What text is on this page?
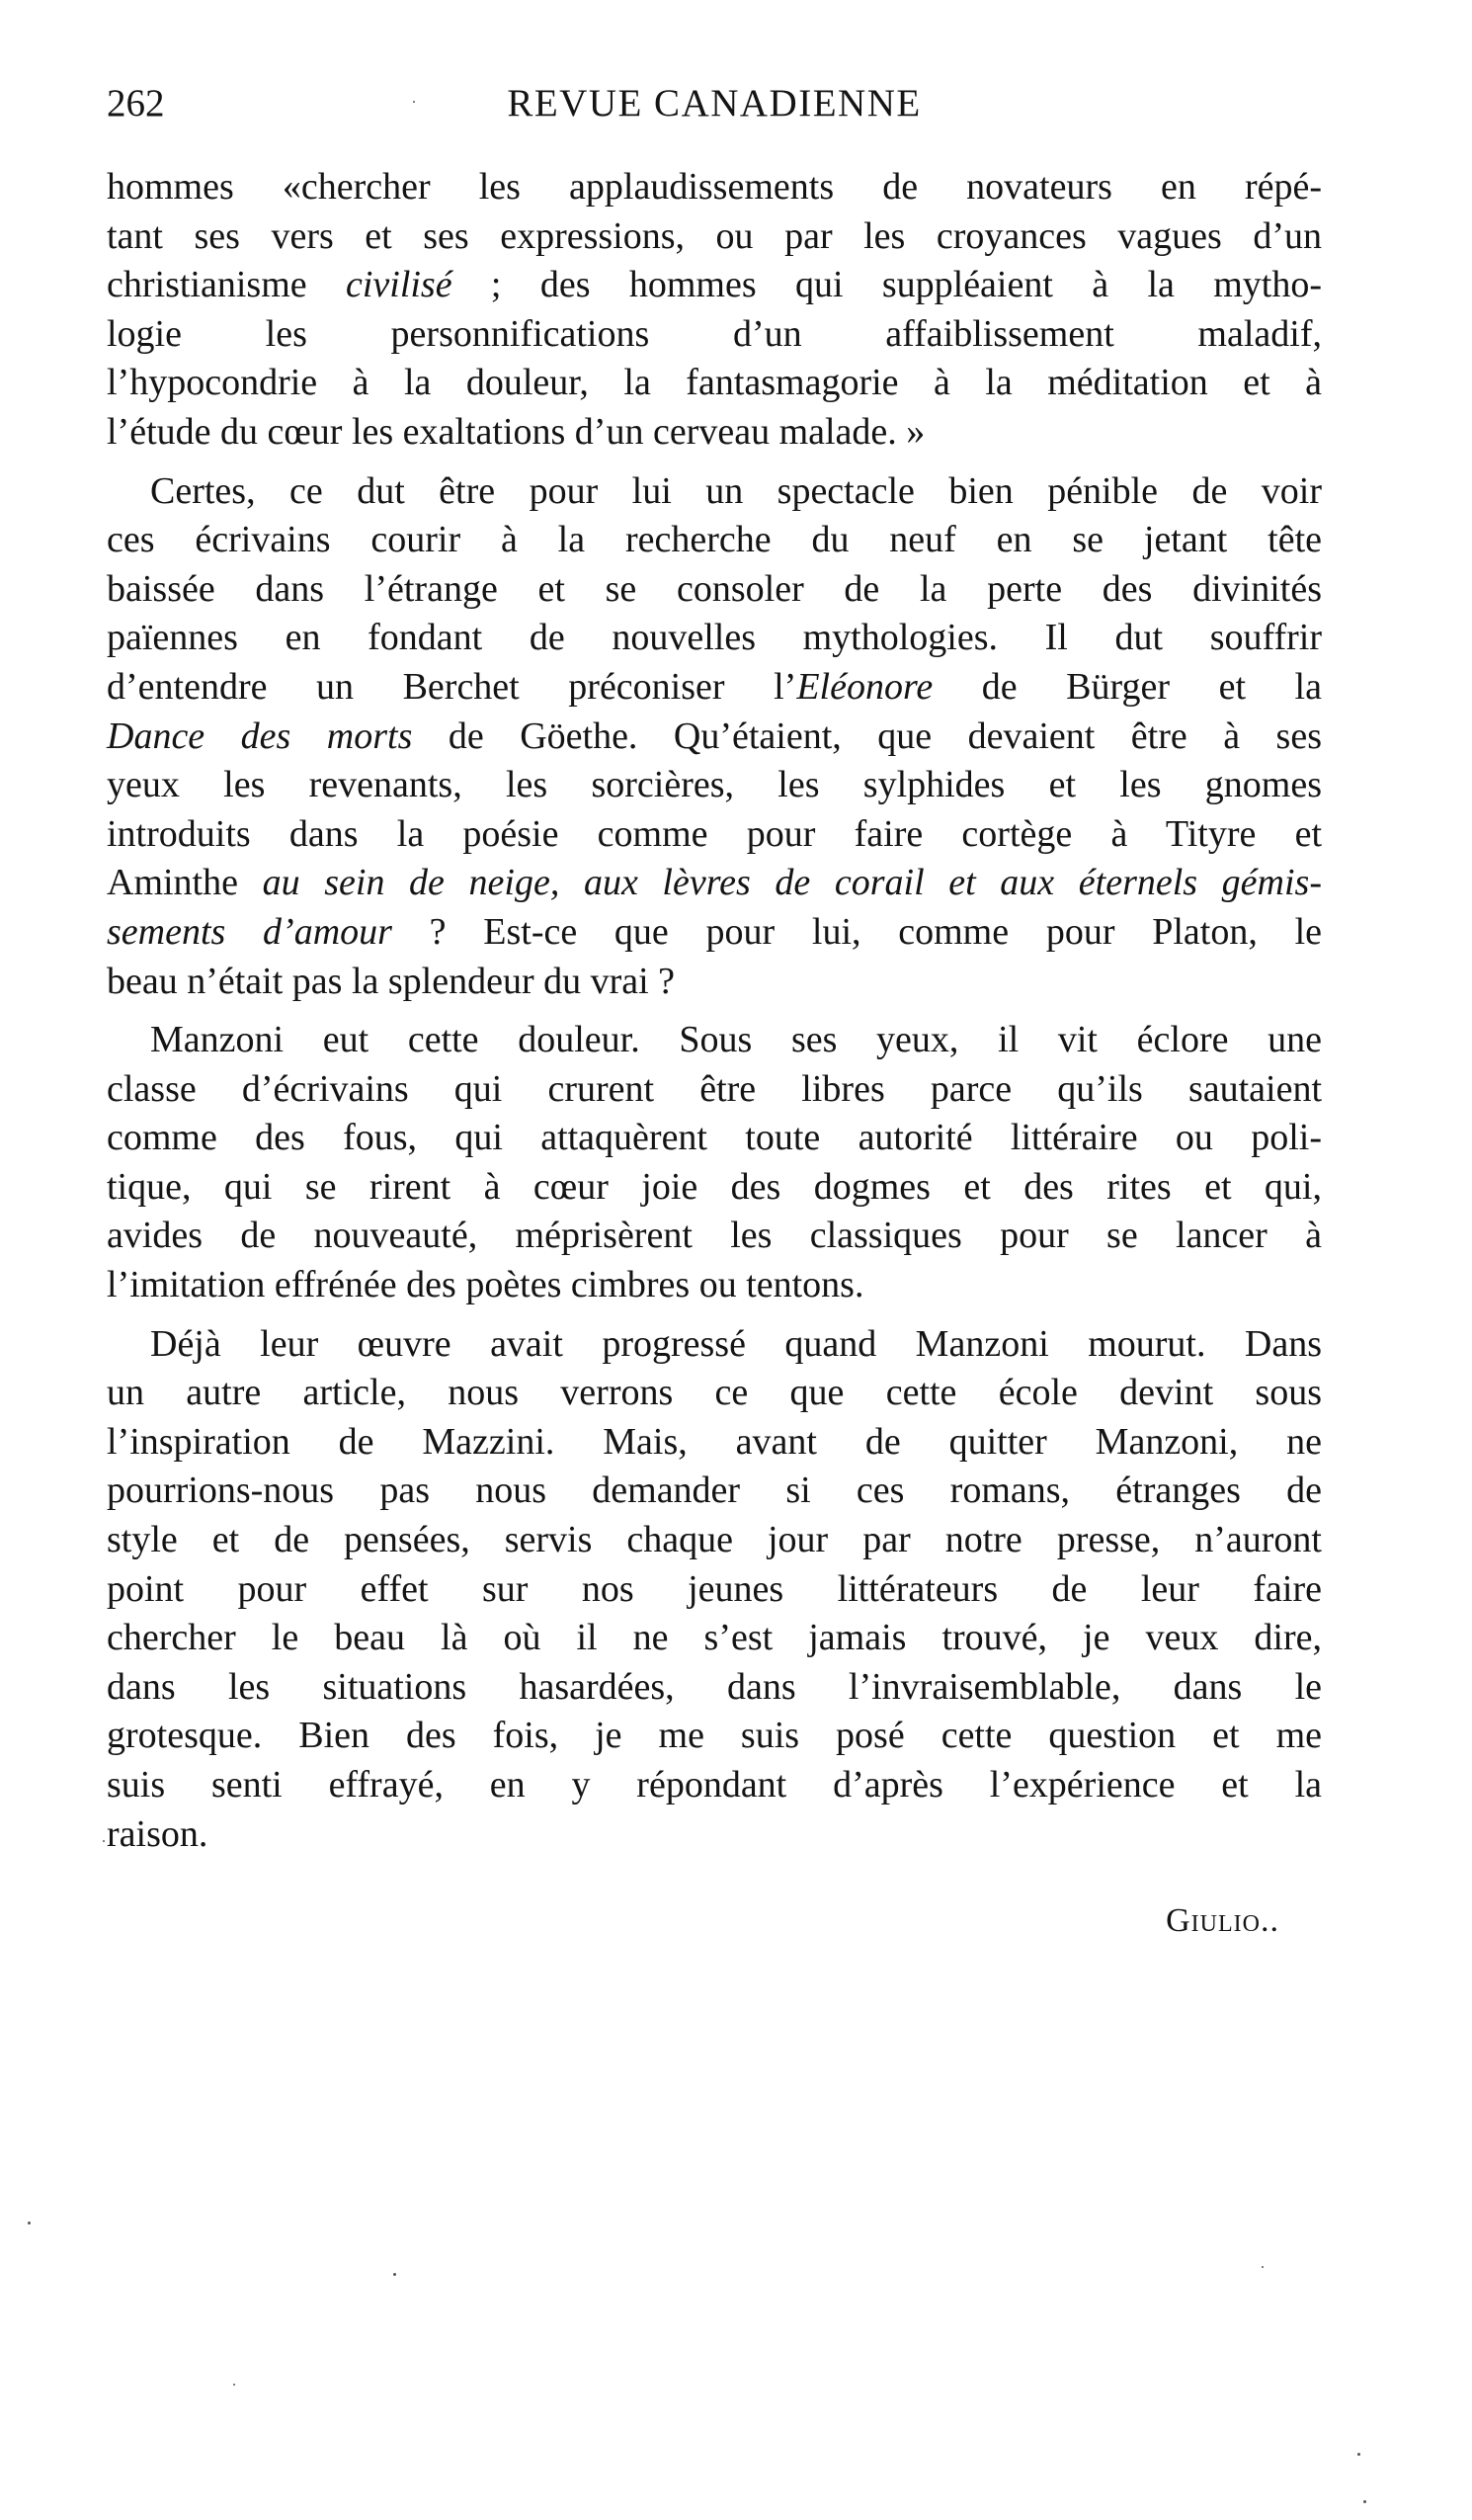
262	REVUE CANADIENNE
hommes «chercher les applaudissements de novateurs en répé-
tant ses vers et ses expressions, ou par les croyances vagues d’un
christianisme civilisé ; des hommes qui suppléaient à la mytho-
logie les personnifications d’un affaiblissement maladif,
l’hypocondrie à la douleur, la fantasmagorie à la méditation et à
l’étude du cœur les exaltations d’un cerveau malade. »
Certes, ce dut être pour lui un spectacle bien pénible de voir
ces écrivains courir à la recherche du neuf en se jetant tête
baissée dans l’étrange et se consoler de la perte des divinités
païennes en fondant de nouvelles mythologies. Il dut souffrir
d’entendre un Berchet préconiser l’Eléonore de Bürger et la
Dance des morts de Göethe. Qu’étaient, que devaient être à ses
yeux les revenants, les sorcières, les sylphides et les gnomes
introduits dans la poésie comme pour faire cortège à Tityre et
Aminthe au sein de neige, aux lèvres de corail et aux éternels gémis-
sements d’amour ? Est-ce que pour lui, comme pour Platon, le
beau n’était pas la splendeur du vrai ?
Manzoni eut cette douleur. Sous ses yeux, il vit éclore une
classe d’écrivains qui crurent être libres parce qu’ils sautaient
comme des fous, qui attaquèrent toute autorité littéraire ou poli-
tique, qui se rirent à cœur joie des dogmes et des rites et qui,
avides de nouveauté, méprisèrent les classiques pour se lancer à
l’imitation effrénée des poètes cimbres ou tentons.
Déjà leur œuvre avait progressé quand Manzoni mourut. Dans
un autre article, nous verrons ce que cette école devint sous
l’inspiration de Mazzini. Mais, avant de quitter Manzoni, ne
pourrions-nous pas nous demander si ces romans, étranges de
style et de pensées, servis chaque jour par notre presse, n’auront
point pour effet sur nos jeunes littérateurs de leur faire
chercher le beau là où il ne s’est jamais trouvé, je veux dire,
dans les situations hasardées, dans l’invraisemblable, dans le
grotesque. Bien des fois, je me suis posé cette question et me
suis senti effrayé, en y répondant d’après l’expérience et la
raison.
Giulio..
